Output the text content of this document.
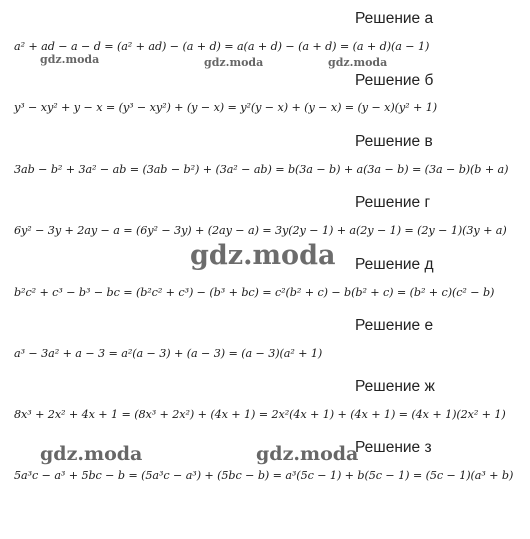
Решение а
a² + ad − a − d = (a² + ad) − (a + d) = a(a + d) − (a + d) = (a + d)(a − 1)
Решение б
y³ − xy² + y − x = (y³ − xy²) + (y − x) = y²(y − x) + (y − x) = (y − x)(y² + 1)
Решение в
3ab − b² + 3a² − ab = (3ab − b²) + (3a² − ab) = b(3a − b) + a(3a − b) = (3a − b)(b + a)
Решение г
6y² − 3y + 2ay − a = (6y² − 3y) + (2ay − a) = 3y(2y − 1) + a(2y − 1) = (2y − 1)(3y + a)
Решение д
b²c² + c³ − b³ − bc = (b²c² + c³) − (b³ + bc) = c²(b² + c) − b(b² + c) = (b² + c)(c² − b)
Решение е
a³ − 3a² + a − 3 = a²(a − 3) + (a − 3) = (a − 3)(a² + 1)
Решение ж
8x³ + 2x² + 4x + 1 = (8x³ + 2x²) + (4x + 1) = 2x²(4x + 1) + (4x + 1) = (4x + 1)(2x² + 1)
Решение з
5a³c − a³ + 5bc − b = (5a³c − a³) + (5bc − b) = a³(5c − 1) + b(5c − 1) = (5c − 1)(a³ + b)
gdz.moda	gdz.moda	gdz.moda
gdz.moda
gdz.moda	gdz.moda
